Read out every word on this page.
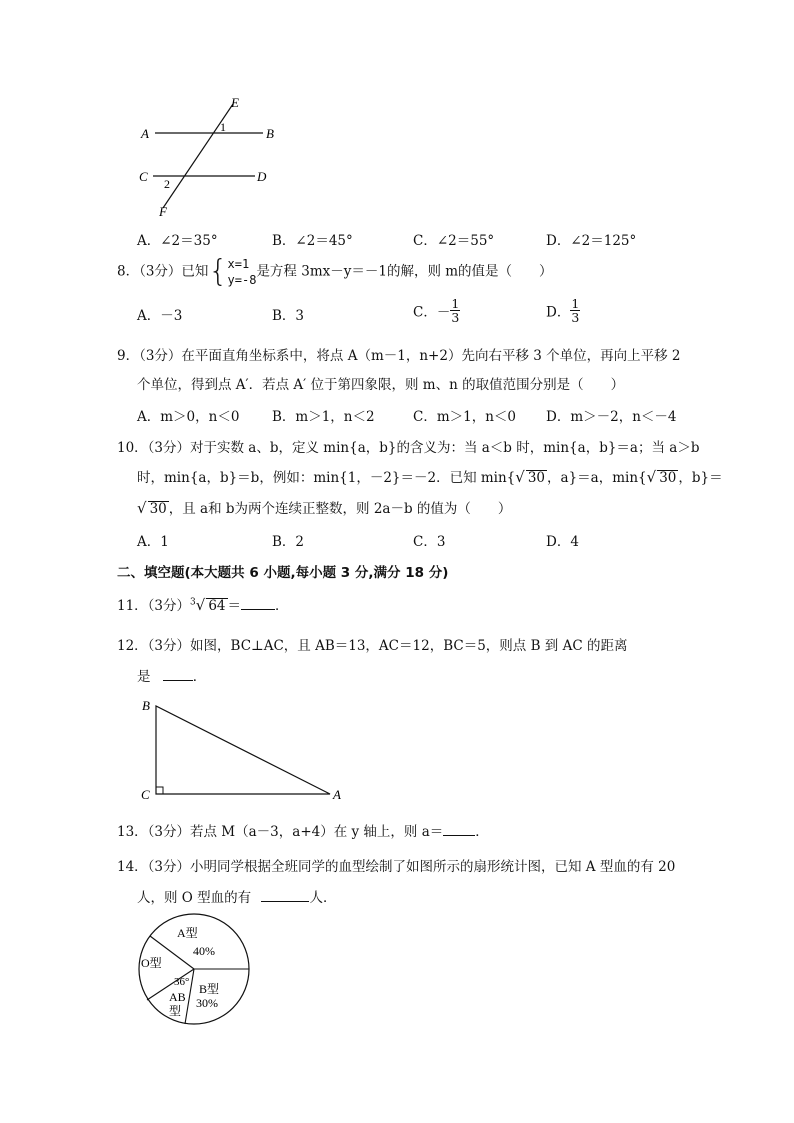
E
A	B
C	D
F
1
2
A．∠2＝35°	B．∠2＝45°	C．∠2＝55°	D．∠2＝125°
8．（3分）已知{ x=1
y=-8
是方程 3mx－y＝－1的解，则 m的值是（　　）
A．－3	B．3	C．－ $\frac{1}{3}$	D． $\frac{1}{3}$
9．（3分）在平面直角坐标系中，将点 A（m－1，n+2）先向右平移 3 个单位，再向上平移 2
个单位，得到点 A′．若点 A′ 位于第四象限，则 m、n 的取值范围分别是（　　）
A．m＞0，n＜0 B．m＞1，n＜2	C．m＞1，n＜0 D．m＞－2，n＜－4
10．（3分）对于实数 a、b，定义 min{a，b}的含义为：当 a＜b 时，min{a，b}＝a；当 a＞b
时，min{a，b}＝b，例如：min{1，－2}＝－2．已知 min{√ 30 ，a}＝a，min{√ 30 ，b}＝
√ 30 ，且 a和 b为两个连续正整数，则 2a－b 的值为（　　）
A．1	B．2	C．3	D．4
二、填空题(本大题共 6 小题,每小题 3 分,满分 18 分)
11．（3分）$^3$√ 64 ＝	．
12．（3分）如图，BC⊥AC，且 AB＝13，AC＝12，BC＝5，则点 B 到 AC 的距离
是	．
B
C	A
13．（3分）若点 M（a－3，a+4）在 y 轴上，则 a＝ ．
14．（3分）小明同学根据全班同学的血型绘制了如图所示的扇形统计图，已知 A 型血的有 20
人，则 O 型血的有	人．
A型
40%
O型
36°
AB
型
B型
30%
